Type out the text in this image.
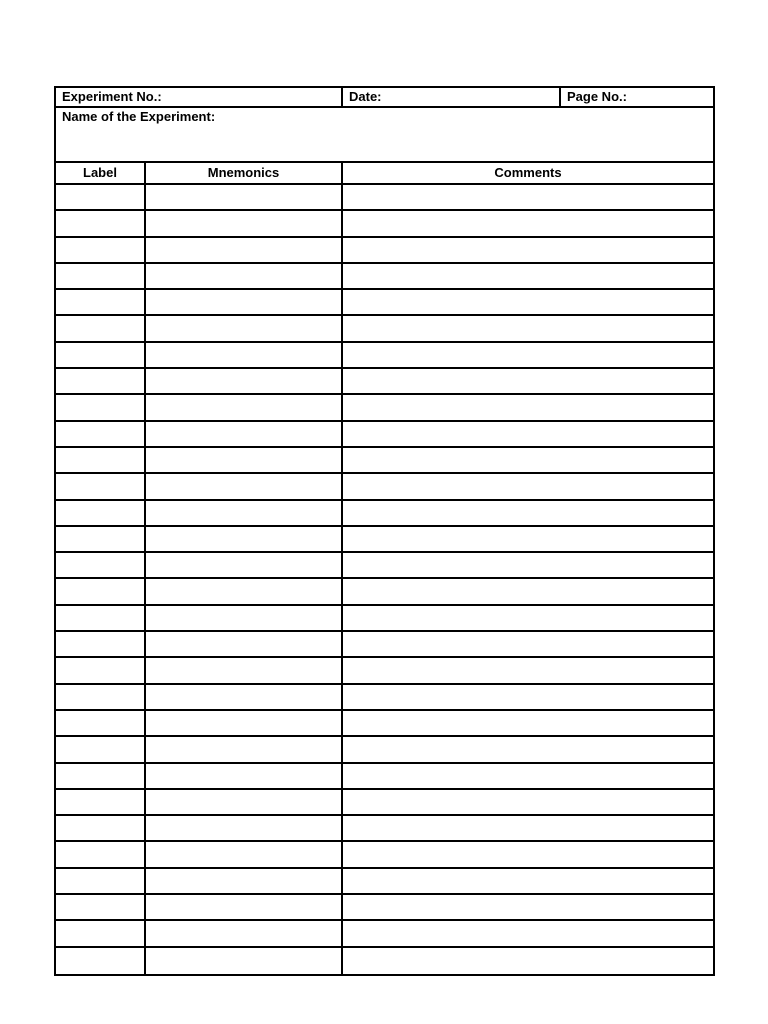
Experiment No.:	Date:	Page No.:
Name of the Experiment:
Label	Mnemonics	Comments
